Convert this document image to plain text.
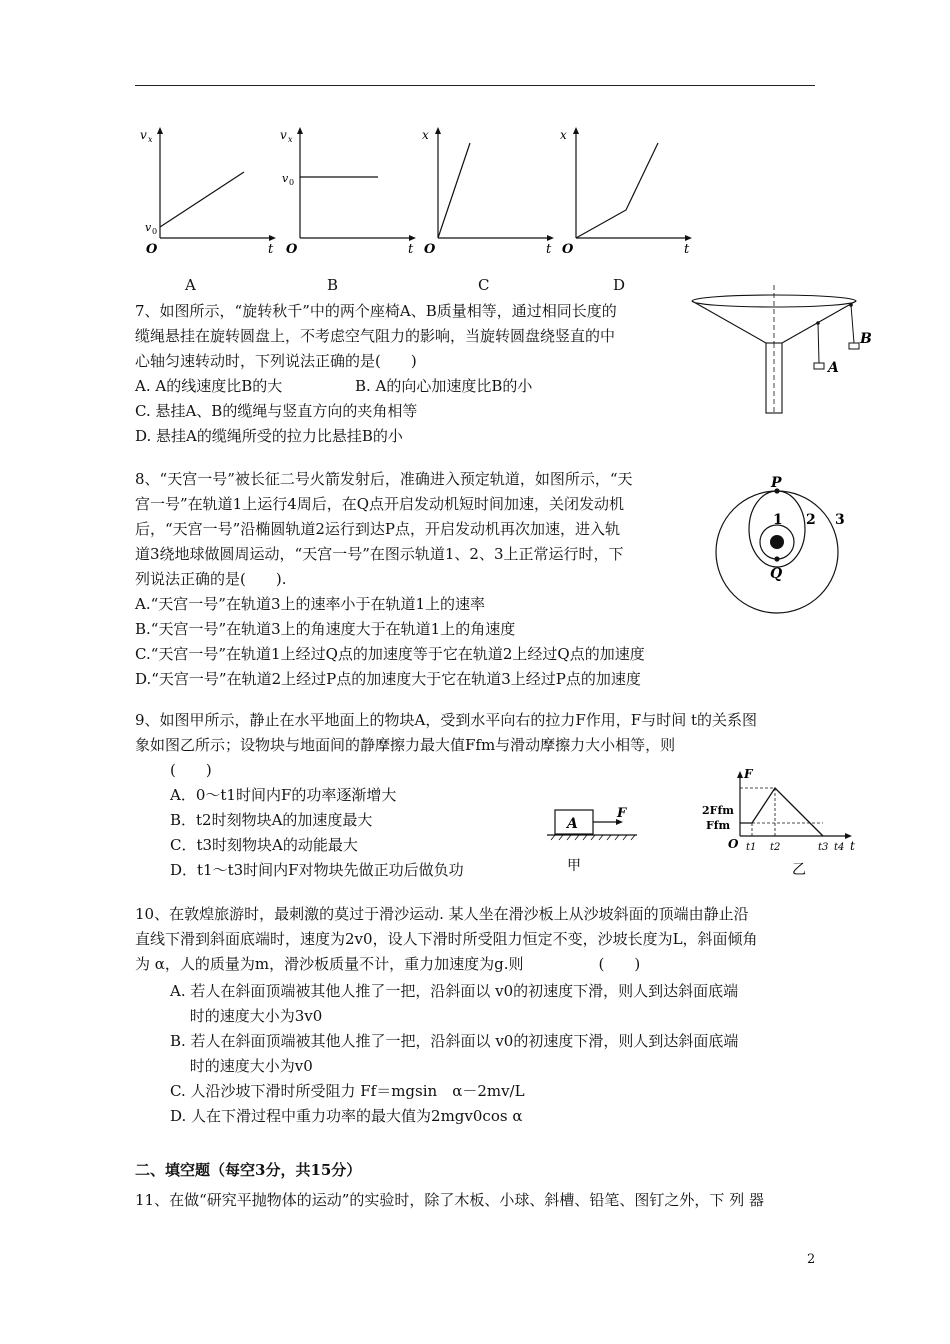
v x
v 0
O	t
A
v x
v 0
O	t
B
x
O	t
C
x
O	t
D
7、如图所示，“旋转秋千”中的两个座椅A、B质量相等，通过相同长度的
缆绳悬挂在旋转圆盘上，不考虑空气阻力的影响，当旋转圆盘绕竖直的中
心轴匀速转动时，下列说法正确的是(　　)
A. A的线速度比B的大	B. A的向心加速度比B的小
C. 悬挂A、B的缆绳与竖直方向的夹角相等
D. 悬挂A的缆绳所受的拉力比悬挂B的小
A
B
8、“天宫一号”被长征二号火箭发射后，准确进入预定轨道，如图所示，“天
宫一号”在轨道1上运行4周后，在Q点开启发动机短时间加速，关闭发动机
后，“天宫一号”沿椭圆轨道2运行到达P点，开启发动机再次加速，进入轨
道3绕地球做圆周运动，“天宫一号”在图示轨道1、2、3上正常运行时，下
列说法正确的是(　　).
A.“天宫一号”在轨道3上的速率小于在轨道1上的速率
B.“天宫一号”在轨道3上的角速度大于在轨道1上的角速度
C.“天宫一号”在轨道1上经过Q点的加速度等于它在轨道2上经过Q点的加速度
D.“天宫一号”在轨道2上经过P点的加速度大于它在轨道3上经过P点的加速度
P
Q
1 2 3
9、如图甲所示，静止在水平地面上的物块A，受到水平向右的拉力F作用，F与时间 t的关系图
象如图乙所示；设物块与地面间的静摩擦力最大值Ffm与滑动摩擦力大小相等，则
(　　)
A．0～t1时间内F的功率逐渐增大
B．t2时刻物块A的加速度最大
C．t3时刻物块A的动能最大
D．t1～t3时间内F对物块先做正功后做负功
A
F
甲
F
2Ffm
Ffm
O t1 t2	t3 t4 t
乙
10、在敦煌旅游时，最刺激的莫过于滑沙运动. 某人坐在滑沙板上从沙坡斜面的顶端由静止沿
直线下滑到斜面底端时，速度为2v0，设人下滑时所受阻力恒定不变，沙坡长度为L，斜面倾角
为 α，人的质量为m，滑沙板质量不计，重力加速度为g.则　　　　　(　　)
A. 若人在斜面顶端被其他人推了一把，沿斜面以 v0的初速度下滑，则人到达斜面底端
　 时的速度大小为3v0
B. 若人在斜面顶端被其他人推了一把，沿斜面以 v0的初速度下滑，则人到达斜面底端
　 时的速度大小为v0
C. 人沿沙坡下滑时所受阻力 Ff＝mgsin　α－2mv/L
D. 人在下滑过程中重力功率的最大值为2mgv0cos α
二、填空题（每空3分，共15分）
11、在做“研究平抛物体的运动”的实验时，除了木板、小球、斜槽、铅笔、图钉之外，下 列 器
2
